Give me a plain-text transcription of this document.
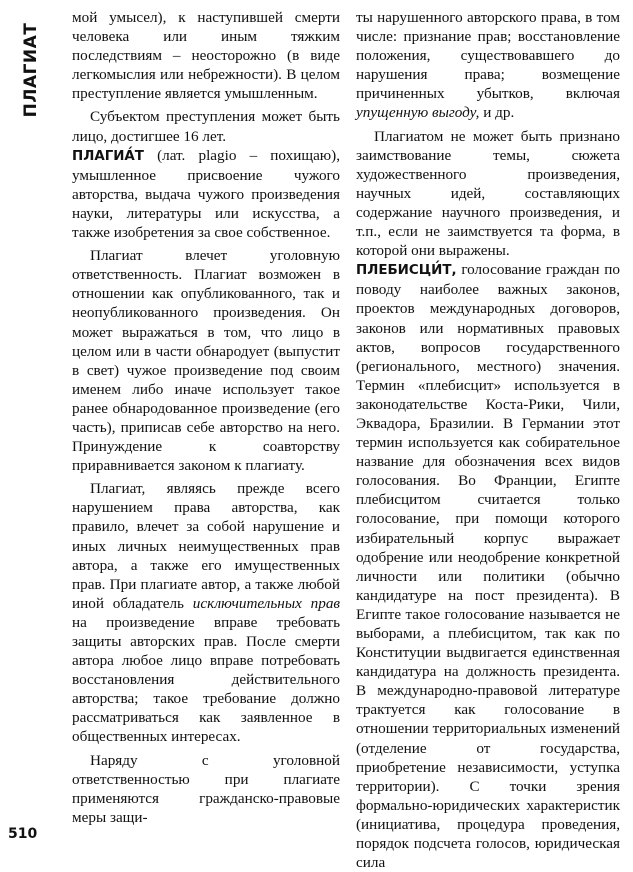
ПЛАГИАТ
510

мой умысел), к наступившей смерти человека или иным тяжким последствиям – неосторожно (в виде легкомыслия или небрежности). В целом преступление является умышленным.

Субъектом преступления может быть лицо, достигшее 16 лет.

ПЛАГИА́Т (лат. plagio – похищаю), умышленное присвоение чужого авторства, выдача чужого произведения науки, литературы или искусства, а также изобретения за свое собственное.

Плагиат влечет уголовную ответственность. Плагиат возможен в отношении как опубликованного, так и неопубликованного произведения. Он может выражаться в том, что лицо в целом или в части обнародует (выпустит в свет) чужое произведение под своим именем либо иначе использует такое ранее обнародованное произведение (его часть), приписав себе авторство на него. Принуждение к соавторству приравнивается законом к плагиату.

Плагиат, являясь прежде всего нарушением права авторства, как правило, влечет за собой нарушение и иных личных неимущественных прав автора, а также его имущественных прав. При плагиате автор, а также любой иной обладатель исключительных прав на произведение вправе требовать защиты авторских прав. После смерти автора любое лицо вправе потребовать восстановления действительного авторства; такое требование должно рассматриваться как заявленное в общественных интересах.

Наряду с уголовной ответственностью при плагиате применяются гражданско-правовые меры защи-

ты нарушенного авторского права, в том числе: признание прав; восстановление положения, существовавшего до нарушения права; возмещение причиненных убытков, включая упущенную выгоду, и др.

Плагиатом не может быть признано заимствование темы, сюжета художественного произведения, научных идей, составляющих содержание научного произведения, и т.п., если не заимствуется та форма, в которой они выражены.

ПЛЕБИСЦИ́Т, голосование граждан по поводу наиболее важных законов, проектов международных договоров, законов или нормативных правовых актов, вопросов государственного (регионального, местного) значения. Термин «плебисцит» используется в законодательстве Коста-Рики, Чили, Эквадора, Бразилии. В Германии этот термин используется как собирательное название для обозначения всех видов голосования. Во Франции, Египте плебисцитом считается только голосование, при помощи которого избирательный корпус выражает одобрение или неодобрение конкретной личности или политики (обычно кандидатуре на пост президента). В Египте такое голосование называется не выборами, а плебисцитом, так как по Конституции выдвигается единственная кандидатура на должность президента. В международно-правовой литературе трактуется как голосование в отношении территориальных изменений (отделение от государства, приобретение независимости, уступка территории). С точки зрения формально-юридических характеристик (инициатива, процедура проведения, порядок подсчета голосов, юридическая сила
